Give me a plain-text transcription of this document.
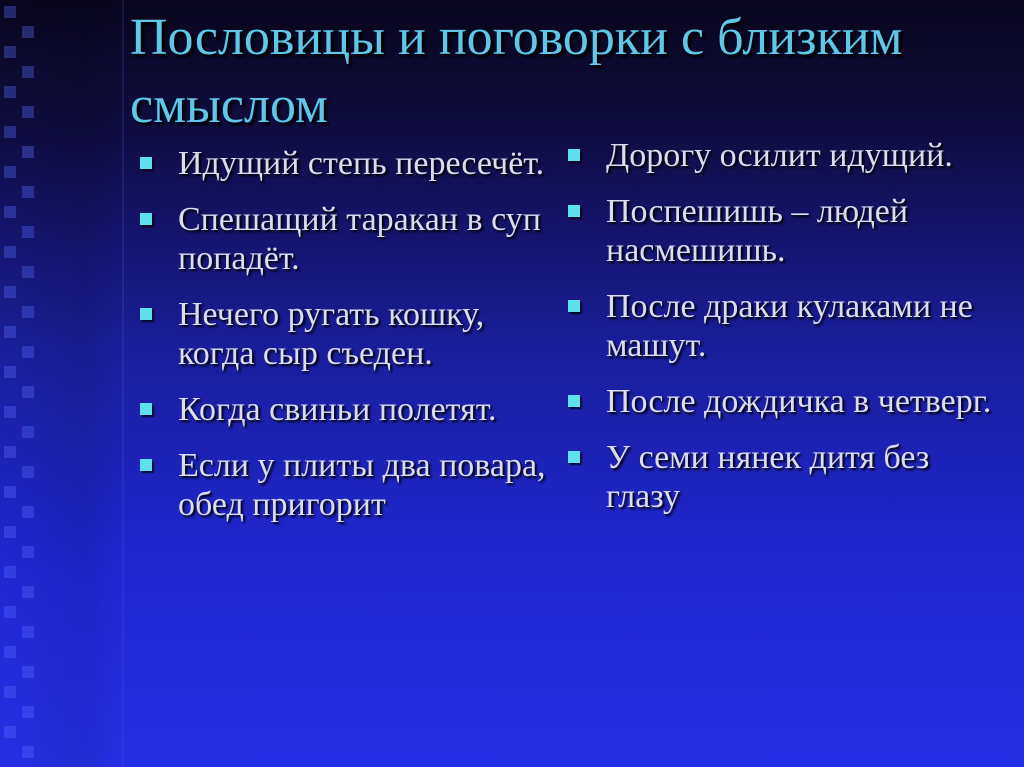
Пословицы и поговорки с близким смыслом
Идущий степь пересечёт.
Спешащий таракан в суп попадёт.
Нечего ругать кошку, когда сыр съеден.
Когда свиньи полетят.
Если у плиты два повара, обед пригорит
Дорогу осилит идущий.
Поспешишь – людей насмешишь.
После драки кулаками не машут.
После дождичка в четверг.
У семи нянек дитя без глазу
